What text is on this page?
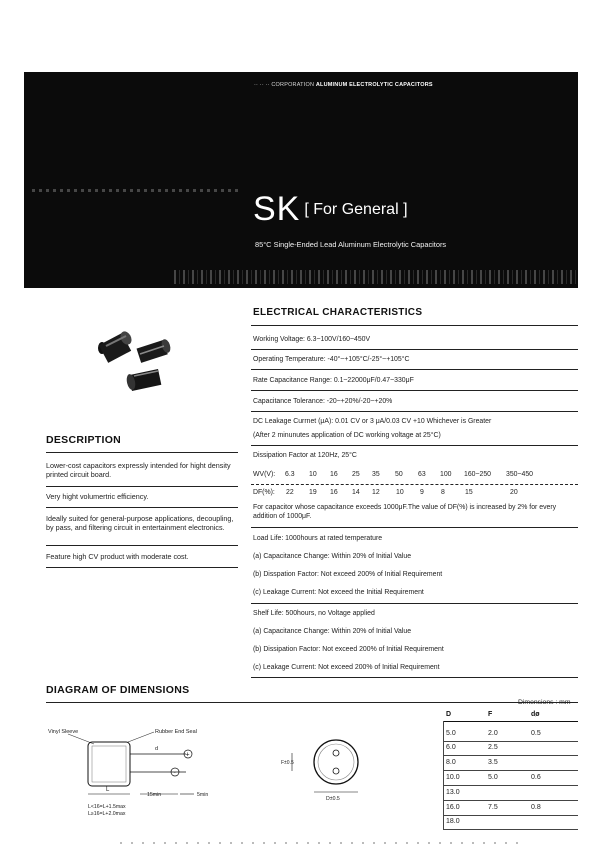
·· ·· ·· CORPORATION ALUMINUM ELECTROLYTIC CAPACITORS
SK [ For General ]
85°C Single-Ended Lead Aluminum Electrolytic Capacitors
DESCRIPTION
Lower-cost capacitors expressly intended for hight density printed circuit board.
Very hight volumertric efficiency.
Ideally suited for general-purpose applications, decoupling, by pass, and filtering circuit in entertainment electronics.
Feature high CV product with moderate cost.
ELECTRICAL CHARACTERISTICS
Working Voltage: 6.3~100V/160~450V
Operating Temperature: -40°~+105°C/-25°~+105°C
Rate Capacitance Range: 0.1~22000μF/0.47~330μF
Capacitance Tolerance: -20~+20%/-20~+20%
DC Leakage Currnet (μA): 0.01 CV or 3 μA/0.03 CV +10 Whichever is Greater
(After 2 minunutes application of DC working voltage at 25°C)
Dissipation Factor at 120Hz, 25°C
WV(V): 6.3 10 16 25 35 50 63 100 160~250 350~450
DF(%): 22 19 16 14 12 10 9 8	15	20
For capacitor whose capacitance exceeds 1000μF.The value of DF(%) is increased by 2% for every addition of 1000μF.
Load Life: 1000hours at rated temperature
(a) Capacitance Change: Within 20% of Initial Value
(b) Disspation Factor: Not exceed 200% of Initial Requirement
(c) Leakage Current: Not exceed the Initial Requirement
Shelf Life: 500hours, no Voltage applied
(a) Capacitance Change: Within 20% of Initial Value
(b) Dissipation Factor: Not exceed 200% of Initial Requirement
(c) Leakage Current: Not exceed 200% of Initial Requirement
DIAGRAM OF DIMENSIONS
Dimensions : mm
Vinyl Sleeve	Rubber End Seal
d
+
-
L
15min	5min
L<16=L+1.5max
L≥16=L+2.0max
F±0.5
D±0.5
D	F	dø
5.0	2.0	0.5
6.0	2.5
8.0	3.5
10.0	5.0	0.6
13.0
16.0	7.5	0.8
18.0
